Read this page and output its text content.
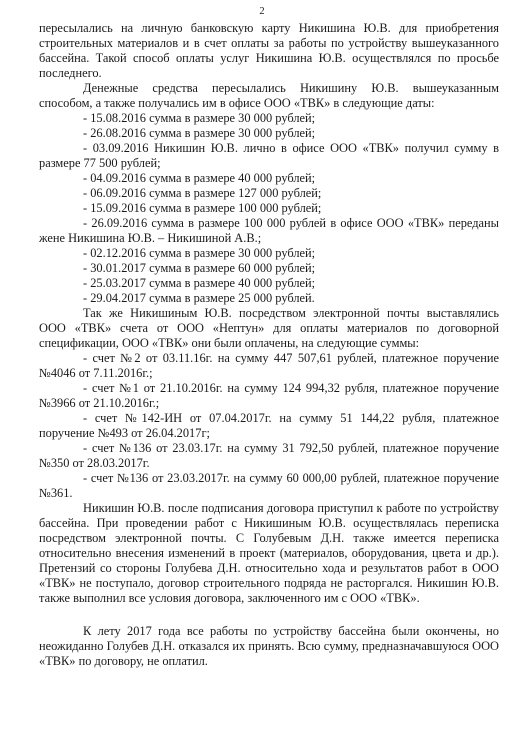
2

пересылались на личную банковскую карту Никишина Ю.В. для приобретения строительных материалов и в счет оплаты за работы по устройству вышеуказанного бассейна. Такой способ оплаты услуг Никишина Ю.В. осуществлялся по просьбе последнего.

Денежные средства пересылались Никишину Ю.В. вышеуказанным способом, а также получались им в офисе ООО «ТВК» в следующие даты:

- 15.08.2016 сумма в размере 30 000 рублей;

- 26.08.2016 сумма в размере 30 000 рублей;

- 03.09.2016 Никишин Ю.В. лично в офисе ООО «ТВК» получил сумму в размере 77 500 рублей;

- 04.09.2016 сумма в размере 40 000 рублей;

- 06.09.2016 сумма в размере 127 000 рублей;

- 15.09.2016 сумма в размере 100 000 рублей;

- 26.09.2016 сумма в размере 100 000 рублей в офисе ООО «ТВК» переданы жене Никишина Ю.В. – Никишиной А.В.;

- 02.12.2016 сумма в размере 30 000 рублей;

- 30.01.2017 сумма в размере 60 000 рублей;

- 25.03.2017 сумма в размере 40 000 рублей;

- 29.04.2017 сумма в размере 25 000 рублей.

Так же Никишиным Ю.В. посредством электронной почты выставлялись ООО «ТВК» счета от ООО «Нептун» для оплаты материалов по договорной спецификации, ООО «ТВК» они были оплачены, на следующие суммы:

- счет №2 от 03.11.16г. на сумму 447 507,61 рублей, платежное поручение №4046 от 7.11.2016г.;

- счет №1 от 21.10.2016г. на сумму 124 994,32 рубля, платежное поручение №3966 от 21.10.2016г.;

- счет №142-ИН от 07.04.2017г. на сумму 51 144,22 рубля, платежное поручение №493 от 26.04.2017г;

- счет №136 от 23.03.17г. на сумму 31 792,50 рублей, платежное поручение №350 от 28.03.2017г.

- счет №136 от 23.03.2017г. на сумму 60 000,00 рублей, платежное поручение №361.

Никишин Ю.В. после подписания договора приступил к работе по устройству бассейна. При проведении работ с Никишиным Ю.В. осуществлялась переписка посредством электронной почты. С Голубевым Д.Н. также имеется переписка относительно внесения изменений в проект (материалов, оборудования, цвета и др.). Претензий со стороны Голубева Д.Н. относительно хода и результатов работ в ООО «ТВК» не поступало, договор строительного подряда не расторгался. Никишин Ю.В. также выполнил все условия договора, заключенного им с ООО «ТВК».

К лету 2017 года все работы по устройству бассейна были окончены, но неожиданно Голубев Д.Н. отказался их принять. Всю сумму, предназначавшуюся ООО «ТВК» по договору, не оплатил.
